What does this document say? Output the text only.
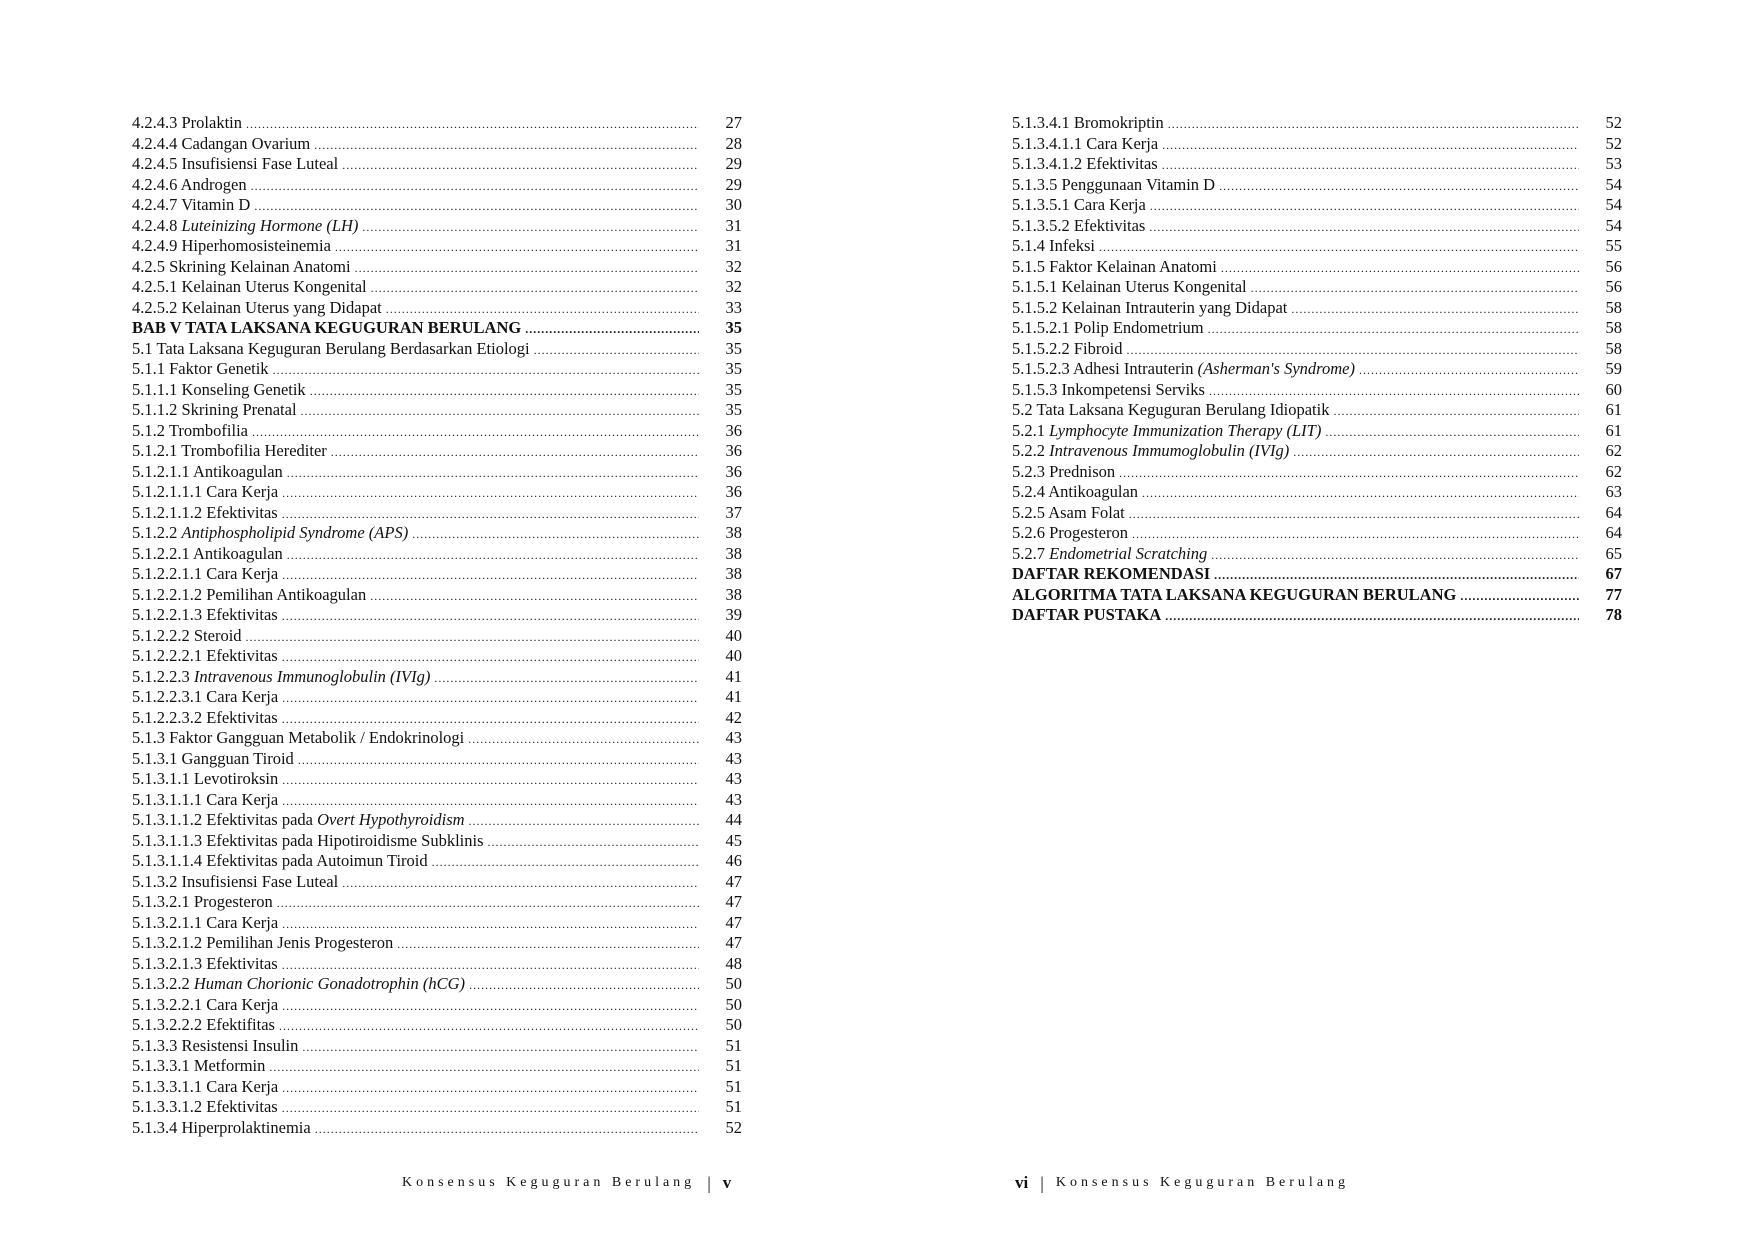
4.2.4.3 Prolaktin .....	27
4.2.4.4 Cadangan Ovarium .....	28
4.2.4.5 Insufisiensi Fase Luteal .....	29
4.2.4.6 Androgen .....	29
4.2.4.7 Vitamin D .....	30
4.2.4.8 Luteinizing Hormone (LH) .....	31
4.2.4.9 Hiperhomosisteinemia .....	31
4.2.5 Skrining Kelainan Anatomi .....	32
4.2.5.1 Kelainan Uterus Kongenital .....	32
4.2.5.2 Kelainan Uterus yang Didapat .....	33
BAB V TATA LAKSANA KEGUGURAN BERULANG .....	35
5.1 Tata Laksana Keguguran Berulang Berdasarkan Etiologi .....	35
5.1.1 Faktor Genetik .....	35
5.1.1.1 Konseling Genetik .....	35
5.1.1.2 Skrining Prenatal .....	35
5.1.2 Trombofilia .....	36
5.1.2.1 Trombofilia Herediter .....	36
5.1.2.1.1 Antikoagulan .....	36
5.1.2.1.1.1 Cara Kerja .....	36
5.1.2.1.1.2 Efektivitas .....	37
5.1.2.2 Antiphospholipid Syndrome (APS) .....	38
5.1.2.2.1 Antikoagulan .....	38
5.1.2.2.1.1 Cara Kerja .....	38
5.1.2.2.1.2 Pemilihan Antikoagulan .....	38
5.1.2.2.1.3 Efektivitas .....	39
5.1.2.2.2 Steroid .....	40
5.1.2.2.2.1 Efektivitas .....	40
5.1.2.2.3 Intravenous Immunoglobulin (IVIg) .....	41
5.1.2.2.3.1 Cara Kerja .....	41
5.1.2.2.3.2 Efektivitas .....	42
5.1.3 Faktor Gangguan Metabolik / Endokrinologi .....	43
5.1.3.1 Gangguan Tiroid .....	43
5.1.3.1.1 Levotiroksin .....	43
5.1.3.1.1.1 Cara Kerja .....	43
5.1.3.1.1.2 Efektivitas pada Overt Hypothyroidism .....	44
5.1.3.1.1.3 Efektivitas pada Hipotiroidisme Subklinis .....	45
5.1.3.1.1.4 Efektivitas pada Autoimun Tiroid .....	46
5.1.3.2 Insufisiensi Fase Luteal .....	47
5.1.3.2.1 Progesteron .....	47
5.1.3.2.1.1 Cara Kerja .....	47
5.1.3.2.1.2 Pemilihan Jenis Progesteron .....	47
5.1.3.2.1.3 Efektivitas .....	48
5.1.3.2.2 Human Chorionic Gonadotrophin (hCG) .....	50
5.1.3.2.2.1 Cara Kerja .....	50
5.1.3.2.2.2 Efektifitas .....	50
5.1.3.3 Resistensi Insulin .....	51
5.1.3.3.1 Metformin .....	51
5.1.3.3.1.1 Cara Kerja .....	51
5.1.3.3.1.2 Efektivitas .....	51
5.1.3.4 Hiperprolaktinemia .....	52
Konsensus Keguguran Berulang | v
5.1.3.4.1 Bromokriptin .....	52
5.1.3.4.1.1 Cara Kerja .....	52
5.1.3.4.1.2 Efektivitas .....	53
5.1.3.5 Penggunaan Vitamin D .....	54
5.1.3.5.1 Cara Kerja .....	54
5.1.3.5.2 Efektivitas .....	54
5.1.4 Infeksi .....	55
5.1.5 Faktor Kelainan Anatomi .....	56
5.1.5.1 Kelainan Uterus Kongenital .....	56
5.1.5.2 Kelainan Intrauterin yang Didapat .....	58
5.1.5.2.1 Polip Endometrium .....	58
5.1.5.2.2 Fibroid .....	58
5.1.5.2.3 Adhesi Intrauterin (Asherman's Syndrome) .....	59
5.1.5.3 Inkompetensi Serviks .....	60
5.2 Tata Laksana Keguguran Berulang Idiopatik .....	61
5.2.1 Lymphocyte Immunization Therapy (LIT) .....	61
5.2.2 Intravenous Immumoglobulin (IVIg) .....	62
5.2.3 Prednison .....	62
5.2.4 Antikoagulan .....	63
5.2.5 Asam Folat .....	64
5.2.6 Progesteron .....	64
5.2.7 Endometrial Scratching .....	65
DAFTAR REKOMENDASI .....	67
ALGORITMA TATA LAKSANA KEGUGURAN BERULANG .....	77
DAFTAR PUSTAKA .....	78
vi | Konsensus Keguguran Berulang
